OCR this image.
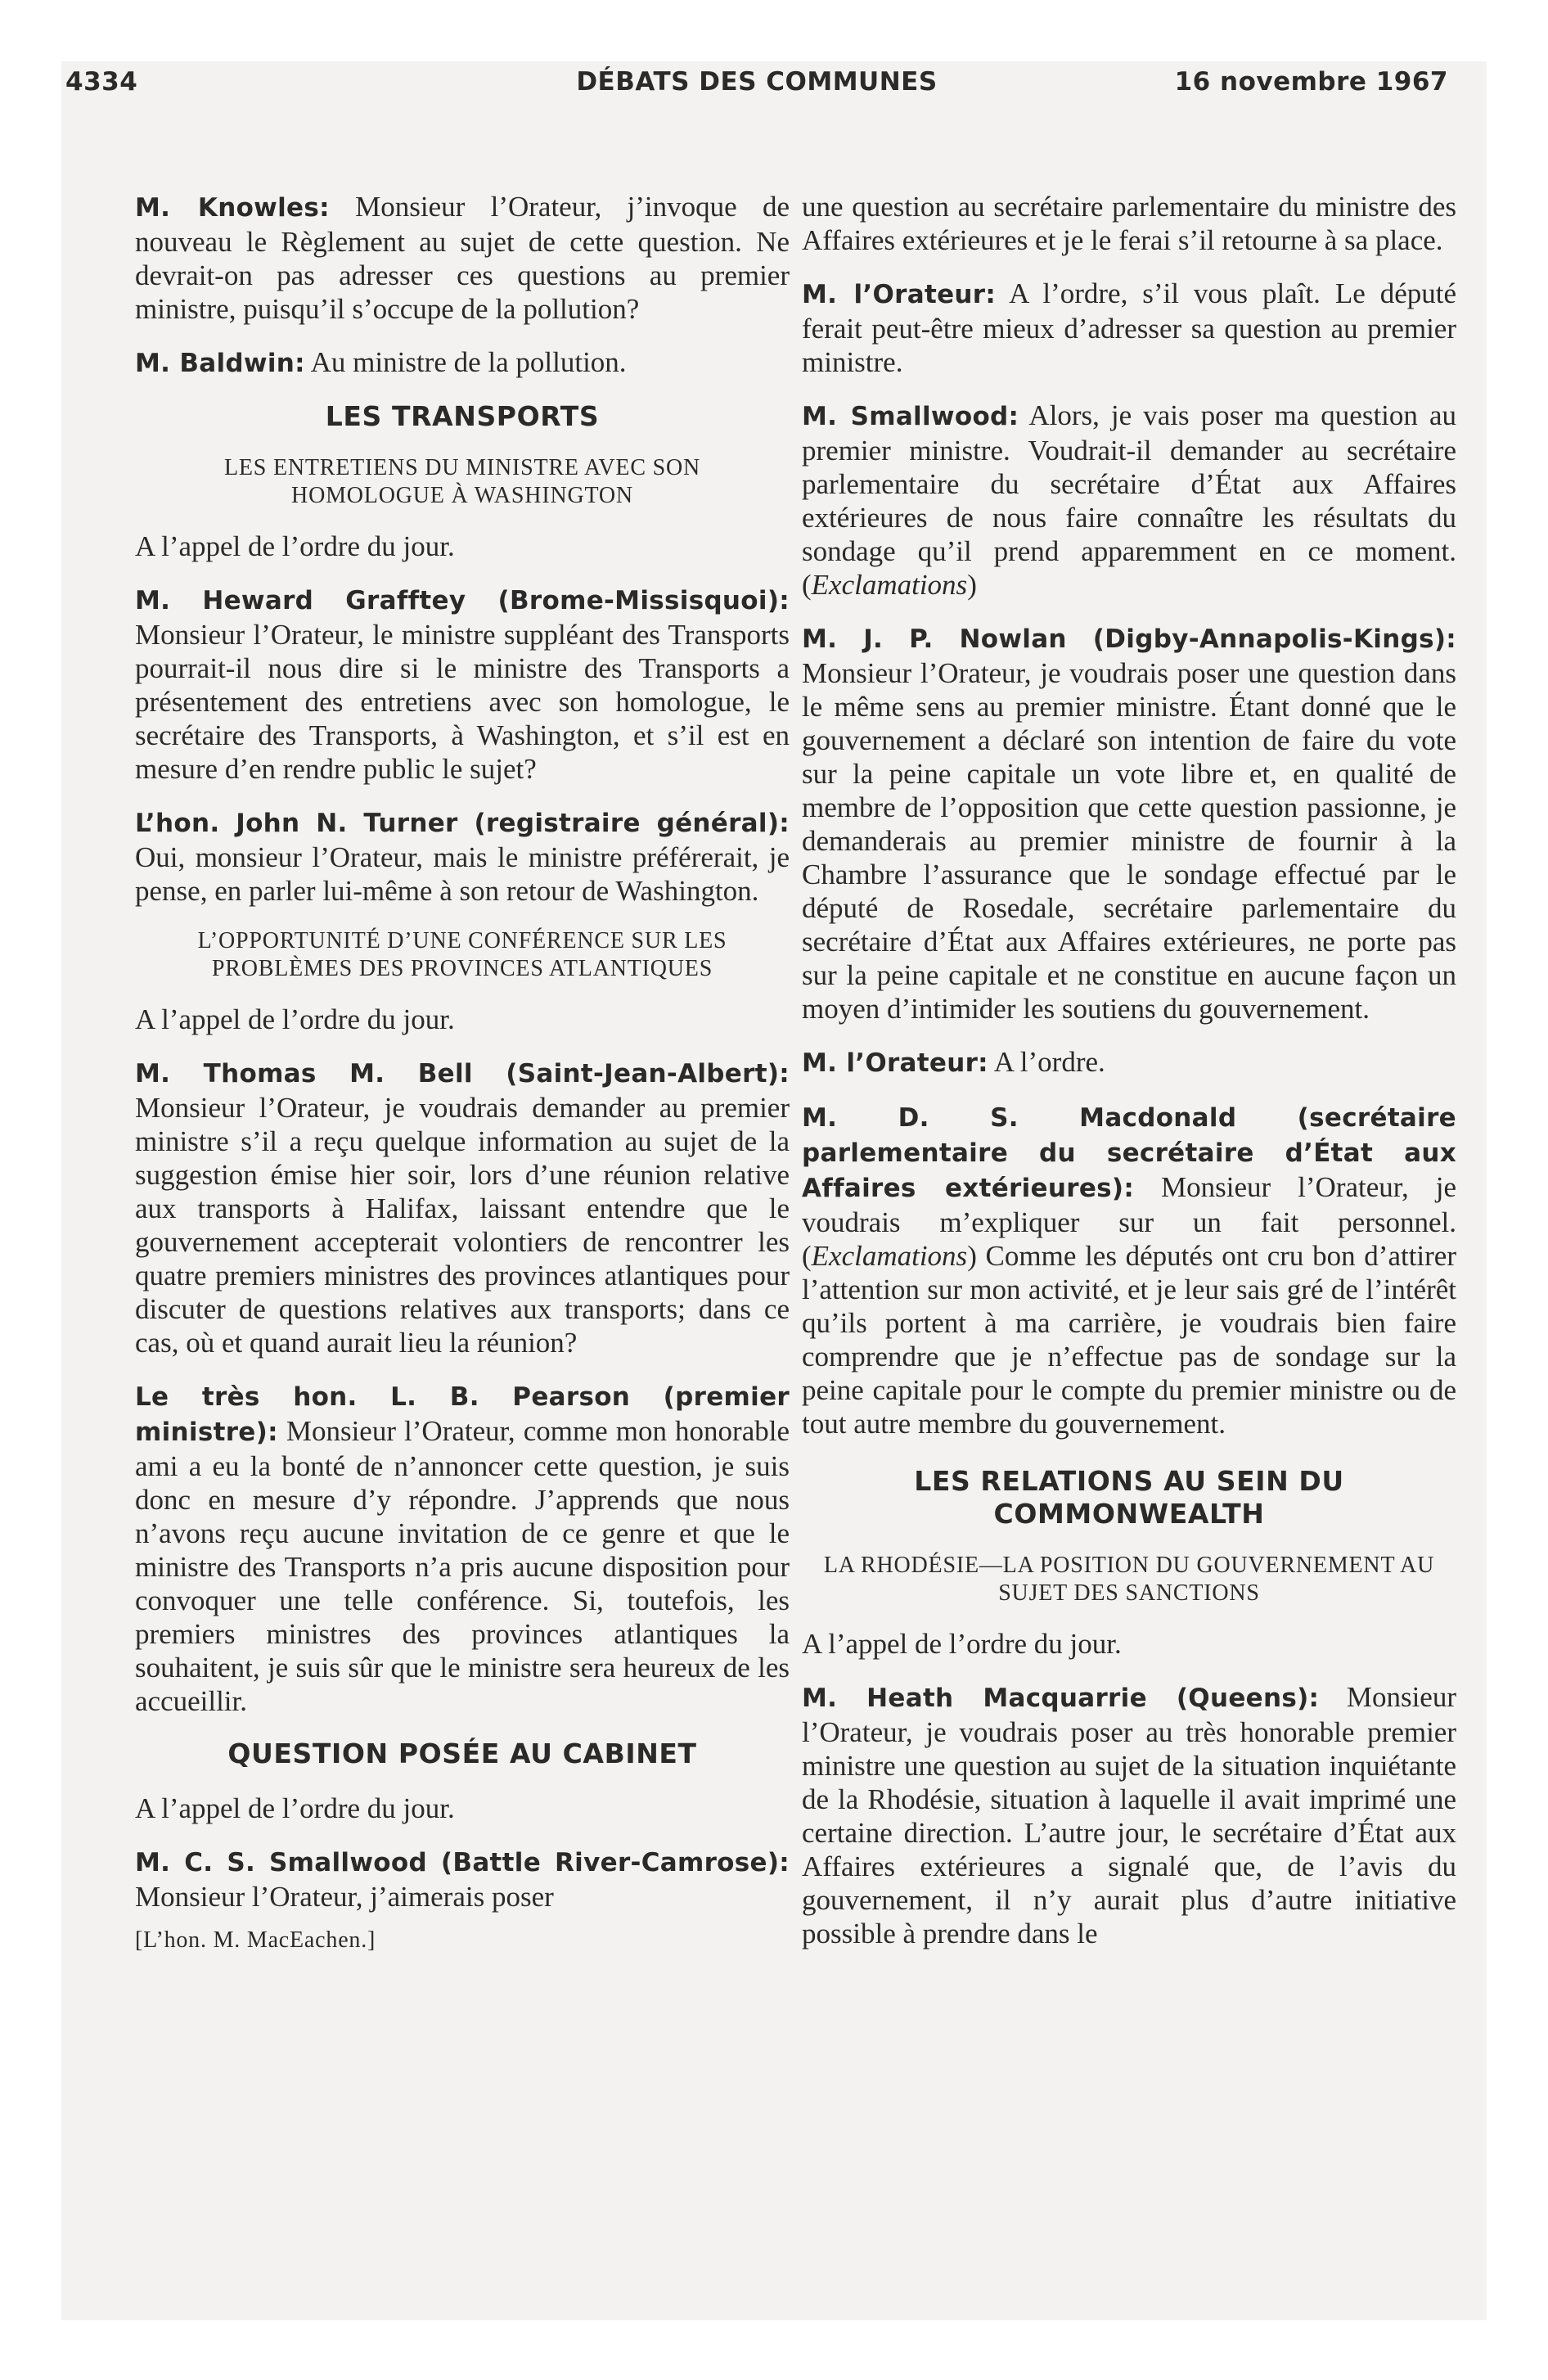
4334	DÉBATS DES COMMUNES	16 novembre 1967

M. Knowles: Monsieur l’Orateur, j’invoque de nouveau le Règlement au sujet de cette question. Ne devrait-on pas adresser ces questions au premier ministre, puisqu’il s’occupe de la pollution?

M. Baldwin: Au ministre de la pollution.

LES TRANSPORTS
LES ENTRETIENS DU MINISTRE AVEC SON HOMOLOGUE À WASHINGTON

A l’appel de l’ordre du jour.

M. Heward Grafftey (Brome-Missisquoi): Monsieur l’Orateur, le ministre suppléant des Transports pourrait-il nous dire si le ministre des Transports a présentement des entretiens avec son homologue, le secrétaire des Transports, à Washington, et s’il est en mesure d’en rendre public le sujet?

L’hon. John N. Turner (registraire général): Oui, monsieur l’Orateur, mais le ministre préférerait, je pense, en parler lui-même à son retour de Washington.

L’OPPORTUNITÉ D’UNE CONFÉRENCE SUR LES PROBLÈMES DES PROVINCES ATLANTIQUES

A l’appel de l’ordre du jour.

M. Thomas M. Bell (Saint-Jean-Albert): Monsieur l’Orateur, je voudrais demander au premier ministre s’il a reçu quelque information au sujet de la suggestion émise hier soir, lors d’une réunion relative aux transports à Halifax, laissant entendre que le gouvernement accepterait volontiers de rencontrer les quatre premiers ministres des provinces atlantiques pour discuter de questions relatives aux transports; dans ce cas, où et quand aurait lieu la réunion?

Le très hon. L. B. Pearson (premier ministre): Monsieur l’Orateur, comme mon honorable ami a eu la bonté de n’annoncer cette question, je suis donc en mesure d’y répondre. J’apprends que nous n’avons reçu aucune invitation de ce genre et que le ministre des Transports n’a pris aucune disposition pour convoquer une telle conférence. Si, toutefois, les premiers ministres des provinces atlantiques la souhaitent, je suis sûr que le ministre sera heureux de les accueillir.

QUESTION POSÉE AU CABINET

A l’appel de l’ordre du jour.

M. C. S. Smallwood (Battle River-Camrose): Monsieur l’Orateur, j’aimerais poser

[L’hon. M. MacEachen.]

une question au secrétaire parlementaire du ministre des Affaires extérieures et je le ferai s’il retourne à sa place.

M. l’Orateur: A l’ordre, s’il vous plaît. Le député ferait peut-être mieux d’adresser sa question au premier ministre.

M. Smallwood: Alors, je vais poser ma question au premier ministre. Voudrait-il demander au secrétaire parlementaire du secrétaire d’État aux Affaires extérieures de nous faire connaître les résultats du sondage qu’il prend apparemment en ce moment. (Exclamations)

M. J. P. Nowlan (Digby-Annapolis-Kings): Monsieur l’Orateur, je voudrais poser une question dans le même sens au premier ministre. Étant donné que le gouvernement a déclaré son intention de faire du vote sur la peine capitale un vote libre et, en qualité de membre de l’opposition que cette question passionne, je demanderais au premier ministre de fournir à la Chambre l’assurance que le sondage effectué par le député de Rosedale, secrétaire parlementaire du secrétaire d’État aux Affaires extérieures, ne porte pas sur la peine capitale et ne constitue en aucune façon un moyen d’intimider les soutiens du gouvernement.

M. l’Orateur: A l’ordre.

M. D. S. Macdonald (secrétaire parlementaire du secrétaire d’État aux Affaires extérieures): Monsieur l’Orateur, je voudrais m’expliquer sur un fait personnel. (Exclamations) Comme les députés ont cru bon d’attirer l’attention sur mon activité, et je leur sais gré de l’intérêt qu’ils portent à ma carrière, je voudrais bien faire comprendre que je n’effectue pas de sondage sur la peine capitale pour le compte du premier ministre ou de tout autre membre du gouvernement.

LES RELATIONS AU SEIN DU COMMONWEALTH
LA RHODÉSIE—LA POSITION DU GOUVERNEMENT AU SUJET DES SANCTIONS

A l’appel de l’ordre du jour.

M. Heath Macquarrie (Queens): Monsieur l’Orateur, je voudrais poser au très honorable premier ministre une question au sujet de la situation inquiétante de la Rhodésie, situation à laquelle il avait imprimé une certaine direction. L’autre jour, le secrétaire d’État aux Affaires extérieures a signalé que, de l’avis du gouvernement, il n’y aurait plus d’autre initiative possible à prendre dans le
